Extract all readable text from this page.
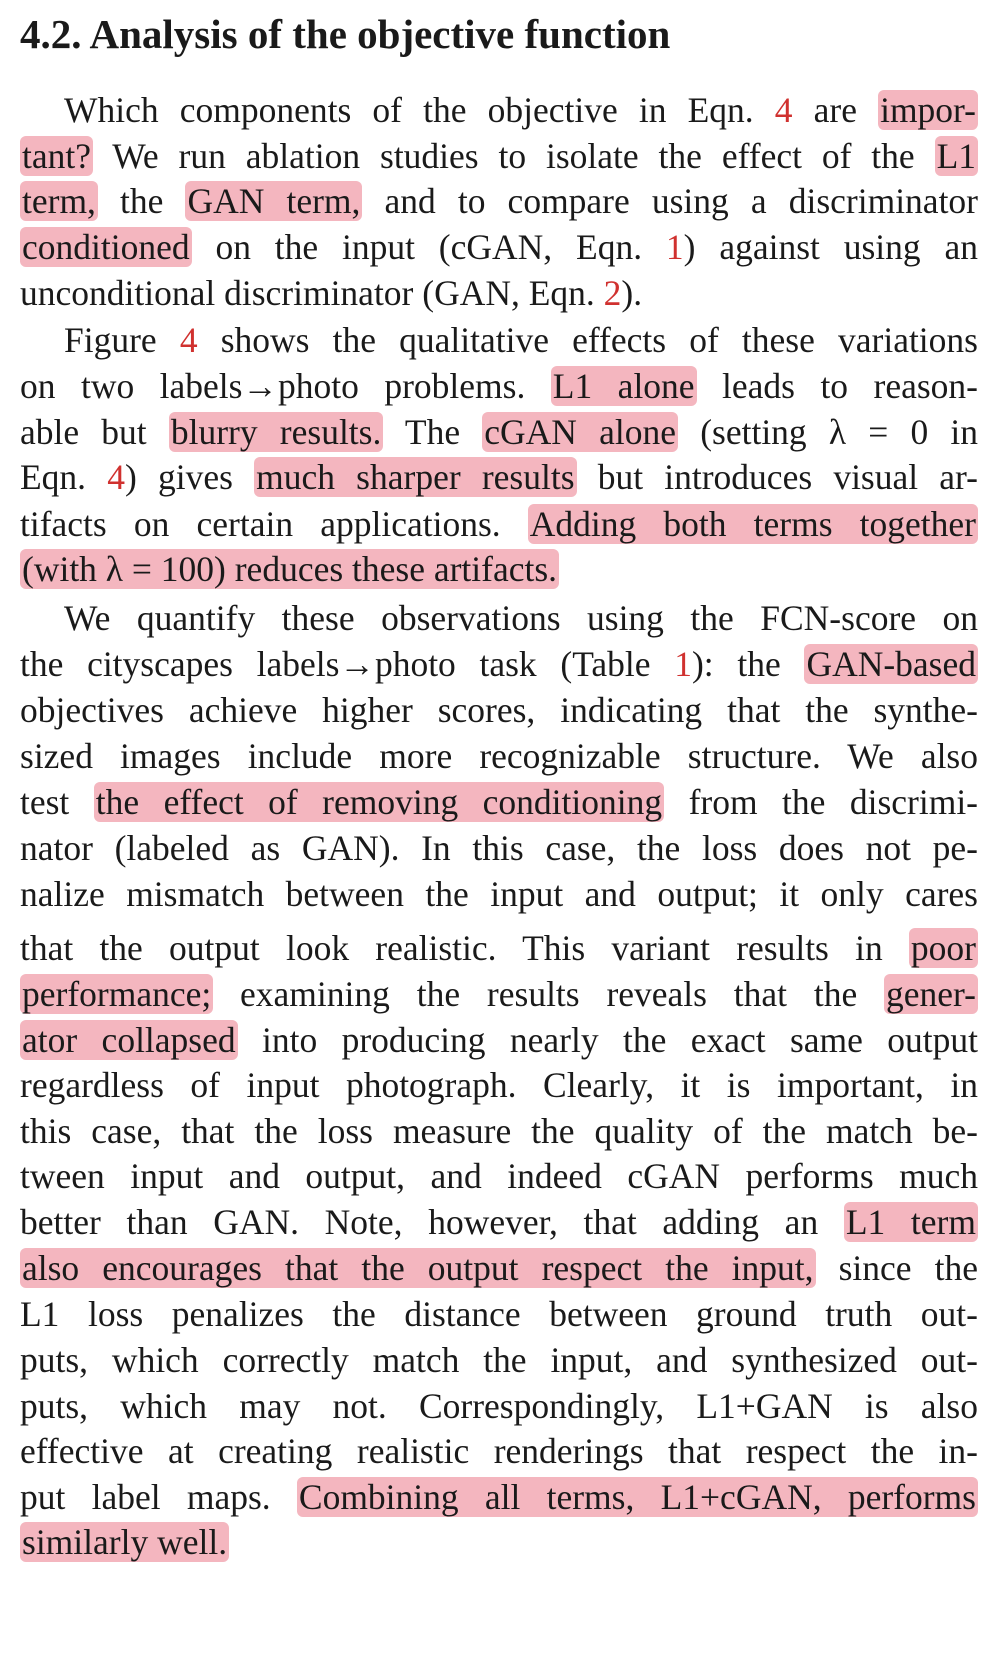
4.2. Analysis of the objective function
Which components of the objective in Eqn. 4 are impor-
tant? We run ablation studies to isolate the effect of the L1
term, the GAN term, and to compare using a discriminator
conditioned on the input (cGAN, Eqn. 1) against using an
unconditional discriminator (GAN, Eqn. 2).
Figure 4 shows the qualitative effects of these variations
on two labels→photo problems. L1 alone leads to reason-
able but blurry results. The cGAN alone (setting λ = 0 in
Eqn. 4) gives much sharper results but introduces visual ar-
tifacts on certain applications. Adding both terms together
(with λ = 100) reduces these artifacts.
We quantify these observations using the FCN-score on
the cityscapes labels→photo task (Table 1): the GAN-based
objectives achieve higher scores, indicating that the synthe-
sized images include more recognizable structure. We also
test the effect of removing conditioning from the discrimi-
nator (labeled as GAN). In this case, the loss does not pe-
nalize mismatch between the input and output; it only cares
that the output look realistic. This variant results in poor
performance; examining the results reveals that the gener-
ator collapsed into producing nearly the exact same output
regardless of input photograph. Clearly, it is important, in
this case, that the loss measure the quality of the match be-
tween input and output, and indeed cGAN performs much
better than GAN. Note, however, that adding an L1 term
also encourages that the output respect the input, since the
L1 loss penalizes the distance between ground truth out-
puts, which correctly match the input, and synthesized out-
puts, which may not. Correspondingly, L1+GAN is also
effective at creating realistic renderings that respect the in-
put label maps. Combining all terms, L1+cGAN, performs
similarly well.
